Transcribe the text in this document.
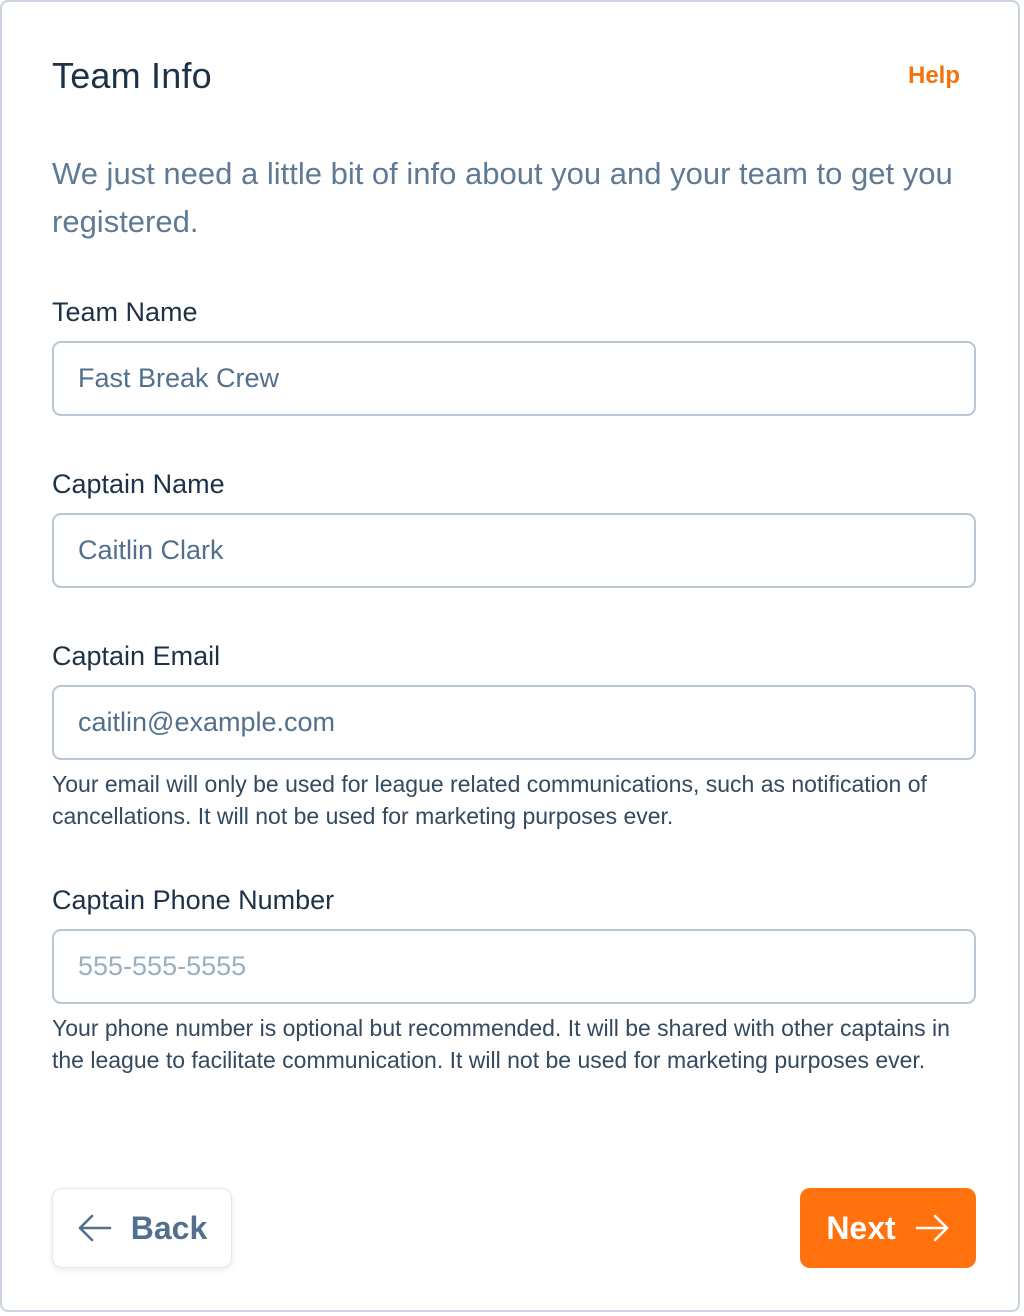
Team Info	Help

We just need a little bit of info about you and your team to get you registered.

Team Name
Fast Break Crew
Captain Name
Caitlin Clark
Captain Email
caitlin@example.com

Your email will only be used for league related communications, such as notification of cancellations. It will not be used for marketing purposes ever.

Captain Phone Number
555-555-5555

Your phone number is optional but recommended. It will be shared with other captains in the league to facilitate communication. It will not be used for marketing purposes ever.

Back	Next
